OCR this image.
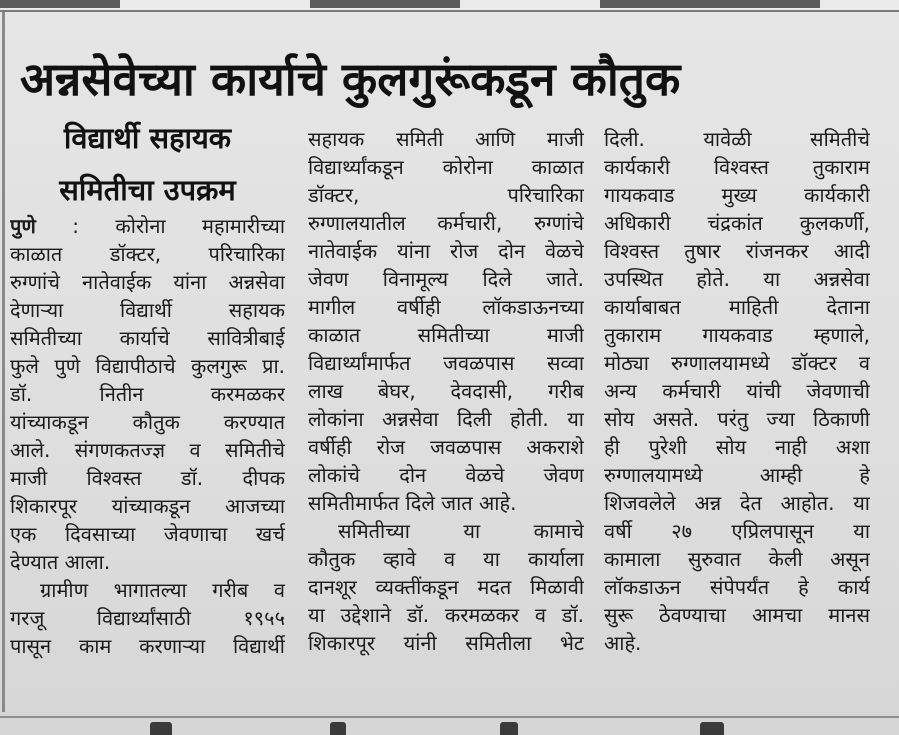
अन्नसेवेच्या कार्याचे कुलगुरूंकडून कौतुक
विद्यार्थी सहायक
समितीचा उपक्रम
पुणे : कोरोना महामारीच्या
काळात डॉक्टर, परिचारिका
रुग्णांचे नातेवाईक यांना अन्नसेवा
देणाऱ्या विद्यार्थी सहायक
समितीच्या कार्याचे सावित्रीबाई
फुले पुणे विद्यापीठाचे कुलगुरू प्रा.
डॉ. नितीन करमळकर
यांच्याकडून कौतुक करण्यात
आले. संगणकतज्ज्ञ व समितीचे
माजी विश्वस्त डॉ. दीपक
शिकारपूर यांच्याकडून आजच्या
एक दिवसाच्या जेवणाचा खर्च
देण्यात आला.
ग्रामीण भागातल्या गरीब व
गरजू विद्यार्थ्यांसाठी १९५५
पासून काम करणाऱ्या विद्यार्थी
सहायक समिती आणि माजी
विद्यार्थ्यांकडून कोरोना काळात
डॉक्टर, परिचारिका
रुग्णालयातील कर्मचारी, रुग्णांचे
नातेवाईक यांना रोज दोन वेळचे
जेवण विनामूल्य दिले जाते.
मागील वर्षीही लॉकडाऊनच्या
काळात समितीच्या माजी
विद्यार्थ्यांमार्फत जवळपास सव्वा
लाख बेघर, देवदासी, गरीब
लोकांना अन्नसेवा दिली होती. या
वर्षीही रोज जवळपास अकराशे
लोकांचे दोन वेळचे जेवण
समितीमार्फत दिले जात आहे.
समितीच्या या कामाचे
कौतुक व्हावे व या कार्याला
दानशूर व्यक्तींकडून मदत मिळावी
या उद्देशाने डॉ. करमळकर व डॉ.
शिकारपूर यांनी समितीला भेट
दिली. यावेळी समितीचे
कार्यकारी विश्वस्त तुकाराम
गायकवाड मुख्य कार्यकारी
अधिकारी चंद्रकांत कुलकर्णी,
विश्वस्त तुषार रांजनकर आदी
उपस्थित होते. या अन्नसेवा
कार्याबाबत माहिती देताना
तुकाराम गायकवाड म्हणाले,
मोठ्या रुग्णालयामध्ये डॉक्टर व
अन्य कर्मचारी यांची जेवणाची
सोय असते. परंतु ज्या ठिकाणी
ही पुरेशी सोय नाही अशा
रुग्णालयामध्ये आम्ही हे
शिजवलेले अन्न देत आहोत. या
वर्षी २७ एप्रिलपासून या
कामाला सुरुवात केली असून
लॉकडाऊन संपेपर्यंत हे कार्य
सुरू ठेवण्याचा आमचा मानस
आहे.
